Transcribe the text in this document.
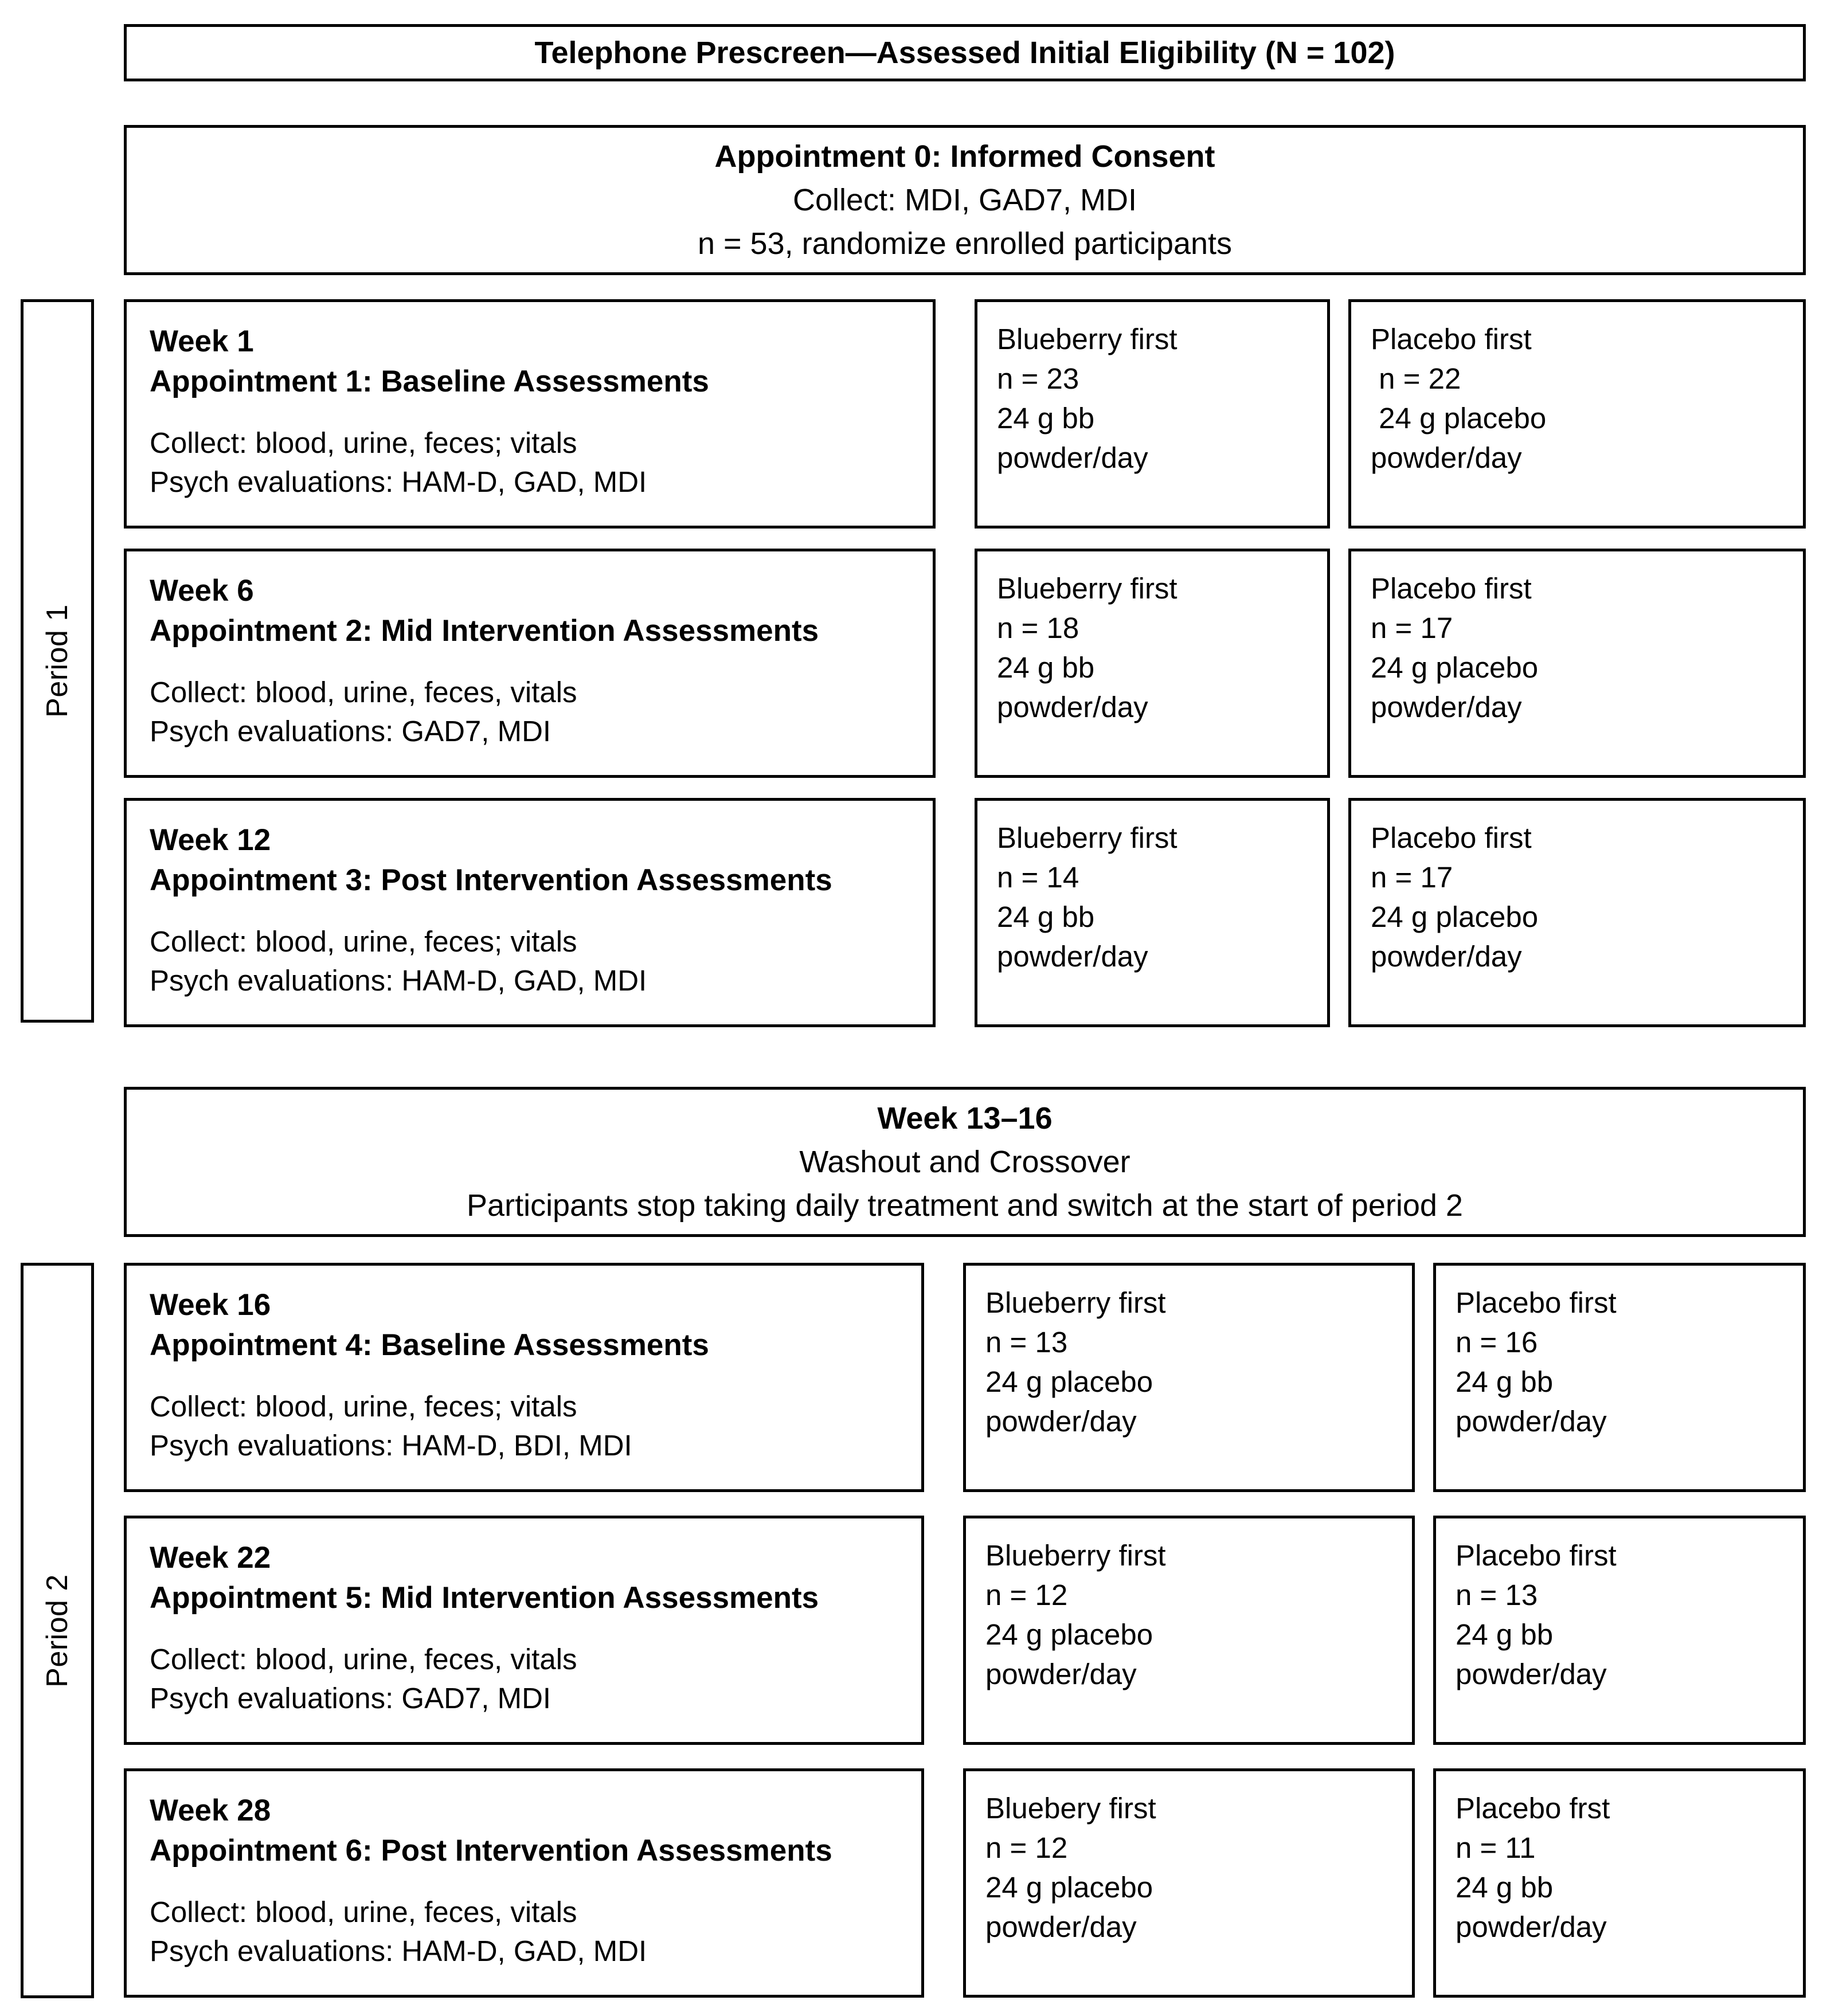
Telephone Prescreen—Assessed Initial Eligibility (N = 102)
Appointment 0: Informed Consent
Collect: MDI, GAD7, MDI
n = 53, randomize enrolled participants
Period 1
Week 1
Appointment 1: Baseline Assessments
Collect: blood, urine, feces; vitals
Psych evaluations: HAM-D, GAD, MDI
Blueberry first
n = 23
24 g bb
powder/day
Placebo first
n = 22
24 g placebo
powder/day
Week 6
Appointment 2: Mid Intervention Assessments
Collect: blood, urine, feces, vitals
Psych evaluations: GAD7, MDI
Blueberry first
n = 18
24 g bb
powder/day
Placebo first
n = 17
24 g placebo
powder/day
Week 12
Appointment 3: Post Intervention Assessments
Collect: blood, urine, feces; vitals
Psych evaluations: HAM-D, GAD, MDI
Blueberry first
n = 14
24 g bb
powder/day
Placebo first
n = 17
24 g placebo
powder/day
Week 13–16
Washout and Crossover
Participants stop taking daily treatment and switch at the start of period 2
Period 2
Week 16
Appointment 4: Baseline Assessments
Collect: blood, urine, feces; vitals
Psych evaluations: HAM-D, BDI, MDI
Blueberry first
n = 13
24 g placebo
powder/day
Placebo first
n = 16
24 g bb
powder/day
Week 22
Appointment 5: Mid Intervention Assessments
Collect: blood, urine, feces, vitals
Psych evaluations: GAD7, MDI
Blueberry first
n = 12
24 g placebo
powder/day
Placebo first
n = 13
24 g bb
powder/day
Week 28
Appointment 6: Post Intervention Assessments
Collect: blood, urine, feces, vitals
Psych evaluations: HAM-D, GAD, MDI
Bluebery first
n = 12
24 g placebo
powder/day
Placebo frst
n = 11
24 g bb
powder/day
